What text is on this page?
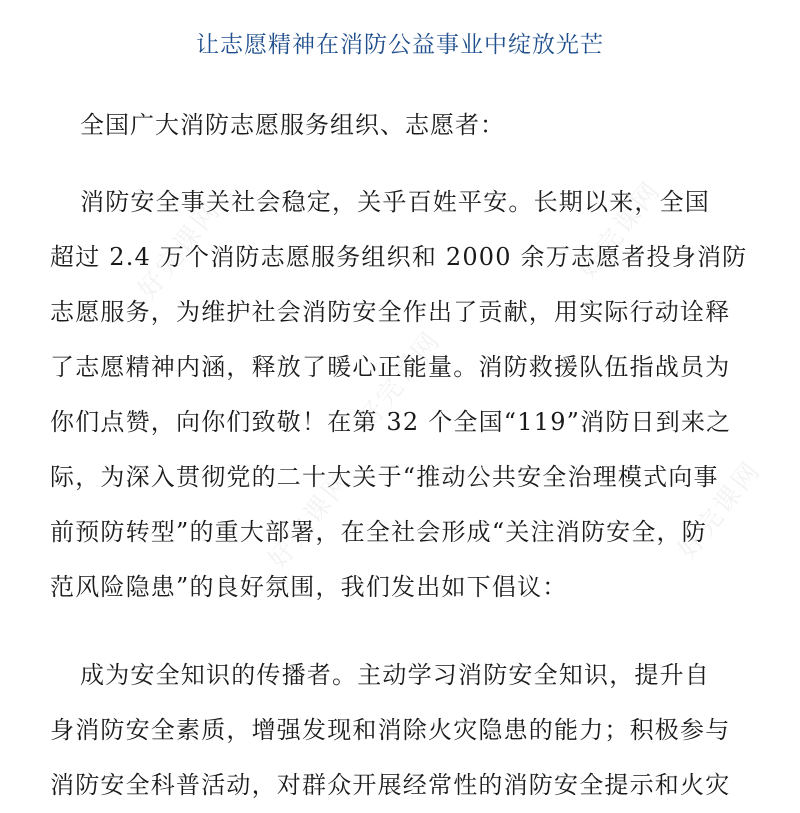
好完课网	好完课网
好完课网	好完课网
好完课网
让志愿精神在消防公益事业中绽放光芒
全国广大消防志愿服务组织、志愿者：
消防安全事关社会稳定，关乎百姓平安。长期以来，全国
超过 2.4 万个消防志愿服务组织和 2000 余万志愿者投身消防
志愿服务，为维护社会消防安全作出了贡献，用实际行动诠释
了志愿精神内涵，释放了暖心正能量。消防救援队伍指战员为
你们点赞，向你们致敬！在第 32 个全国“119”消防日到来之
际，为深入贯彻党的二十大关于“推动公共安全治理模式向事
前预防转型”的重大部署，在全社会形成“关注消防安全，防
范风险隐患”的良好氛围，我们发出如下倡议：
成为安全知识的传播者。主动学习消防安全知识，提升自
身消防安全素质，增强发现和消除火灾隐患的能力；积极参与
消防安全科普活动，对群众开展经常性的消防安全提示和火灾
